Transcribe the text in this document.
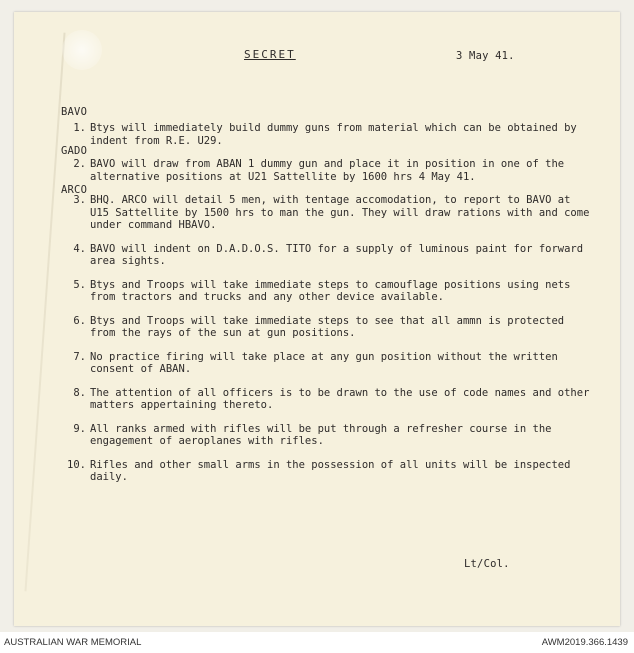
SECRET	3 May 41.

BAVO

GADO

ARCO

1. Btys will immediately build dummy guns from material which can be obtained by indent from R.E. U29.
2. BAVO will draw from ABAN 1 dummy gun and place it in position in one of the alternative positions at U21 Sattellite by 1600 hrs 4 May 41.
3. BHQ. ARCO will detail 5 men, with tentage accomodation, to report to BAVO at U15 Sattellite by 1500 hrs to man the gun. They will draw rations with and come under command HBAVO.
4. BAVO will indent on D.A.D.O.S. TITO for a supply of luminous paint for forward area sights.
5. Btys and Troops will take immediate steps to camouflage positions using nets from tractors and trucks and any other device available.
6. Btys and Troops will take immediate steps to see that all ammn is protected from the rays of the sun at gun positions.
7. No practice firing will take place at any gun position without the written consent of ABAN.
8. The attention of all officers is to be drawn to the use of code names and other matters appertaining thereto.
9. All ranks armed with rifles will be put through a refresher course in the engagement of aeroplanes with rifles.
10. Rifles and other small arms in the possession of all units will be inspected daily.
Lt/Col.
AUSTRALIAN WAR MEMORIAL	AWM2019.366.1439
